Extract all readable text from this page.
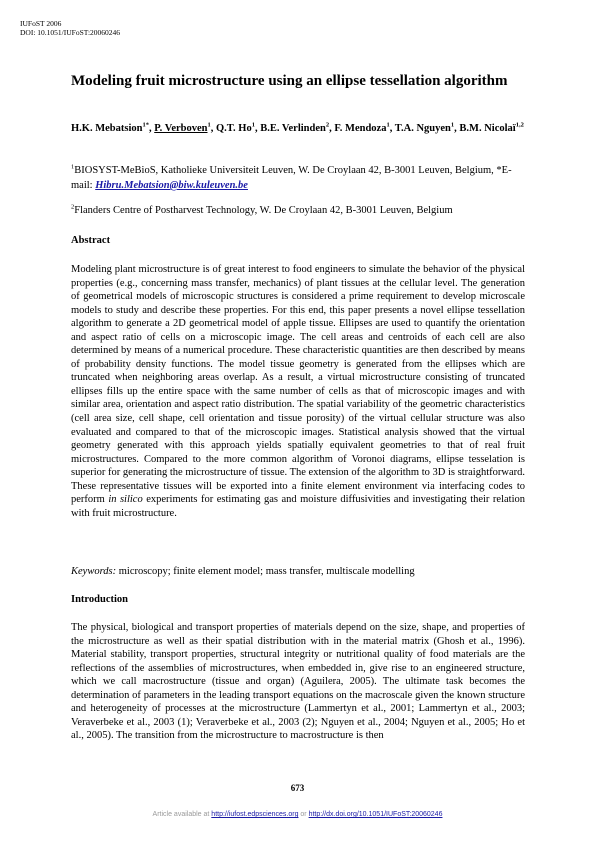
IUFoST 2006
DOI: 10.1051/IUFoST:20060246
Modeling fruit microstructure using an ellipse tessellation algorithm
H.K. Mebatsion$^{1*}$, P. Verboven$^1$, Q.T. Ho$^1$, B.E. Verlinden$^2$, F. Mendoza$^1$, T.A. Nguyen$^1$, B.M. Nicolaï$^{1,2}$
$^1$BIOSYST-MeBioS, Katholieke Universiteit Leuven, W. De Croylaan 42, B-3001 Leuven, Belgium, *E-mail: Hibru.Mebatsion@biw.kuleuven.be
$^2$Flanders Centre of Postharvest Technology, W. De Croylaan 42, B-3001 Leuven, Belgium
Abstract
Modeling plant microstructure is of great interest to food engineers to simulate the behavior of the physical properties (e.g., concerning mass transfer, mechanics) of plant tissues at the cellular level. The generation of geometrical models of microscopic structures is considered a prime requirement to develop microscale models to study and describe these properties. For this end, this paper presents a novel ellipse tessellation algorithm to generate a 2D geometrical model of apple tissue. Ellipses are used to quantify the orientation and aspect ratio of cells on a microscopic image. The cell areas and centroids of each cell are also determined by means of a numerical procedure. These characteristic quantities are then described by means of probability density functions. The model tissue geometry is generated from the ellipses which are truncated when neighboring areas overlap. As a result, a virtual microstructure consisting of truncated ellipses fills up the entire space with the same number of cells as that of microscopic images and with similar area, orientation and aspect ratio distribution. The spatial variability of the geometric characteristics (cell area size, cell shape, cell orientation and tissue porosity) of the virtual cellular structure was also evaluated and compared to that of the microscopic images. Statistical analysis showed that the virtual geometry generated with this approach yields spatially equivalent geometries to that of real fruit microstructures. Compared to the more common algorithm of Voronoi diagrams, ellipse tesselation is superior for generating the microstructure of tissue. The extension of the algorithm to 3D is straightforward. These representative tissues will be exported into a finite element environment via interfacing codes to perform in silico experiments for estimating gas and moisture diffusivities and investigating their relation with fruit microstructure.
Keywords: microscopy; finite element model; mass transfer, multiscale modelling
Introduction
The physical, biological and transport properties of materials depend on the size, shape, and properties of the microstructure as well as their spatial distribution with in the material matrix (Ghosh et al., 1996). Material stability, transport properties, structural integrity or nutritional quality of food materials are the reflections of the assemblies of microstructures, when embedded in, give rise to an engineered structure, which we call macrostructure (tissue and organ) (Aguilera, 2005). The ultimate task becomes the determination of parameters in the leading transport equations on the macroscale given the known structure and heterogeneity of processes at the microstructure (Lammertyn et al., 2001; Lammertyn et al., 2003; Veraverbeke et al., 2003 (1); Veraverbeke et al., 2003 (2); Nguyen et al., 2004; Nguyen et al., 2005; Ho et al., 2005). The transition from the microstructure to macrostructure is then
673
Article available at http://iufost.edpsciences.org or http://dx.doi.org/10.1051/IUFoST:20060246
